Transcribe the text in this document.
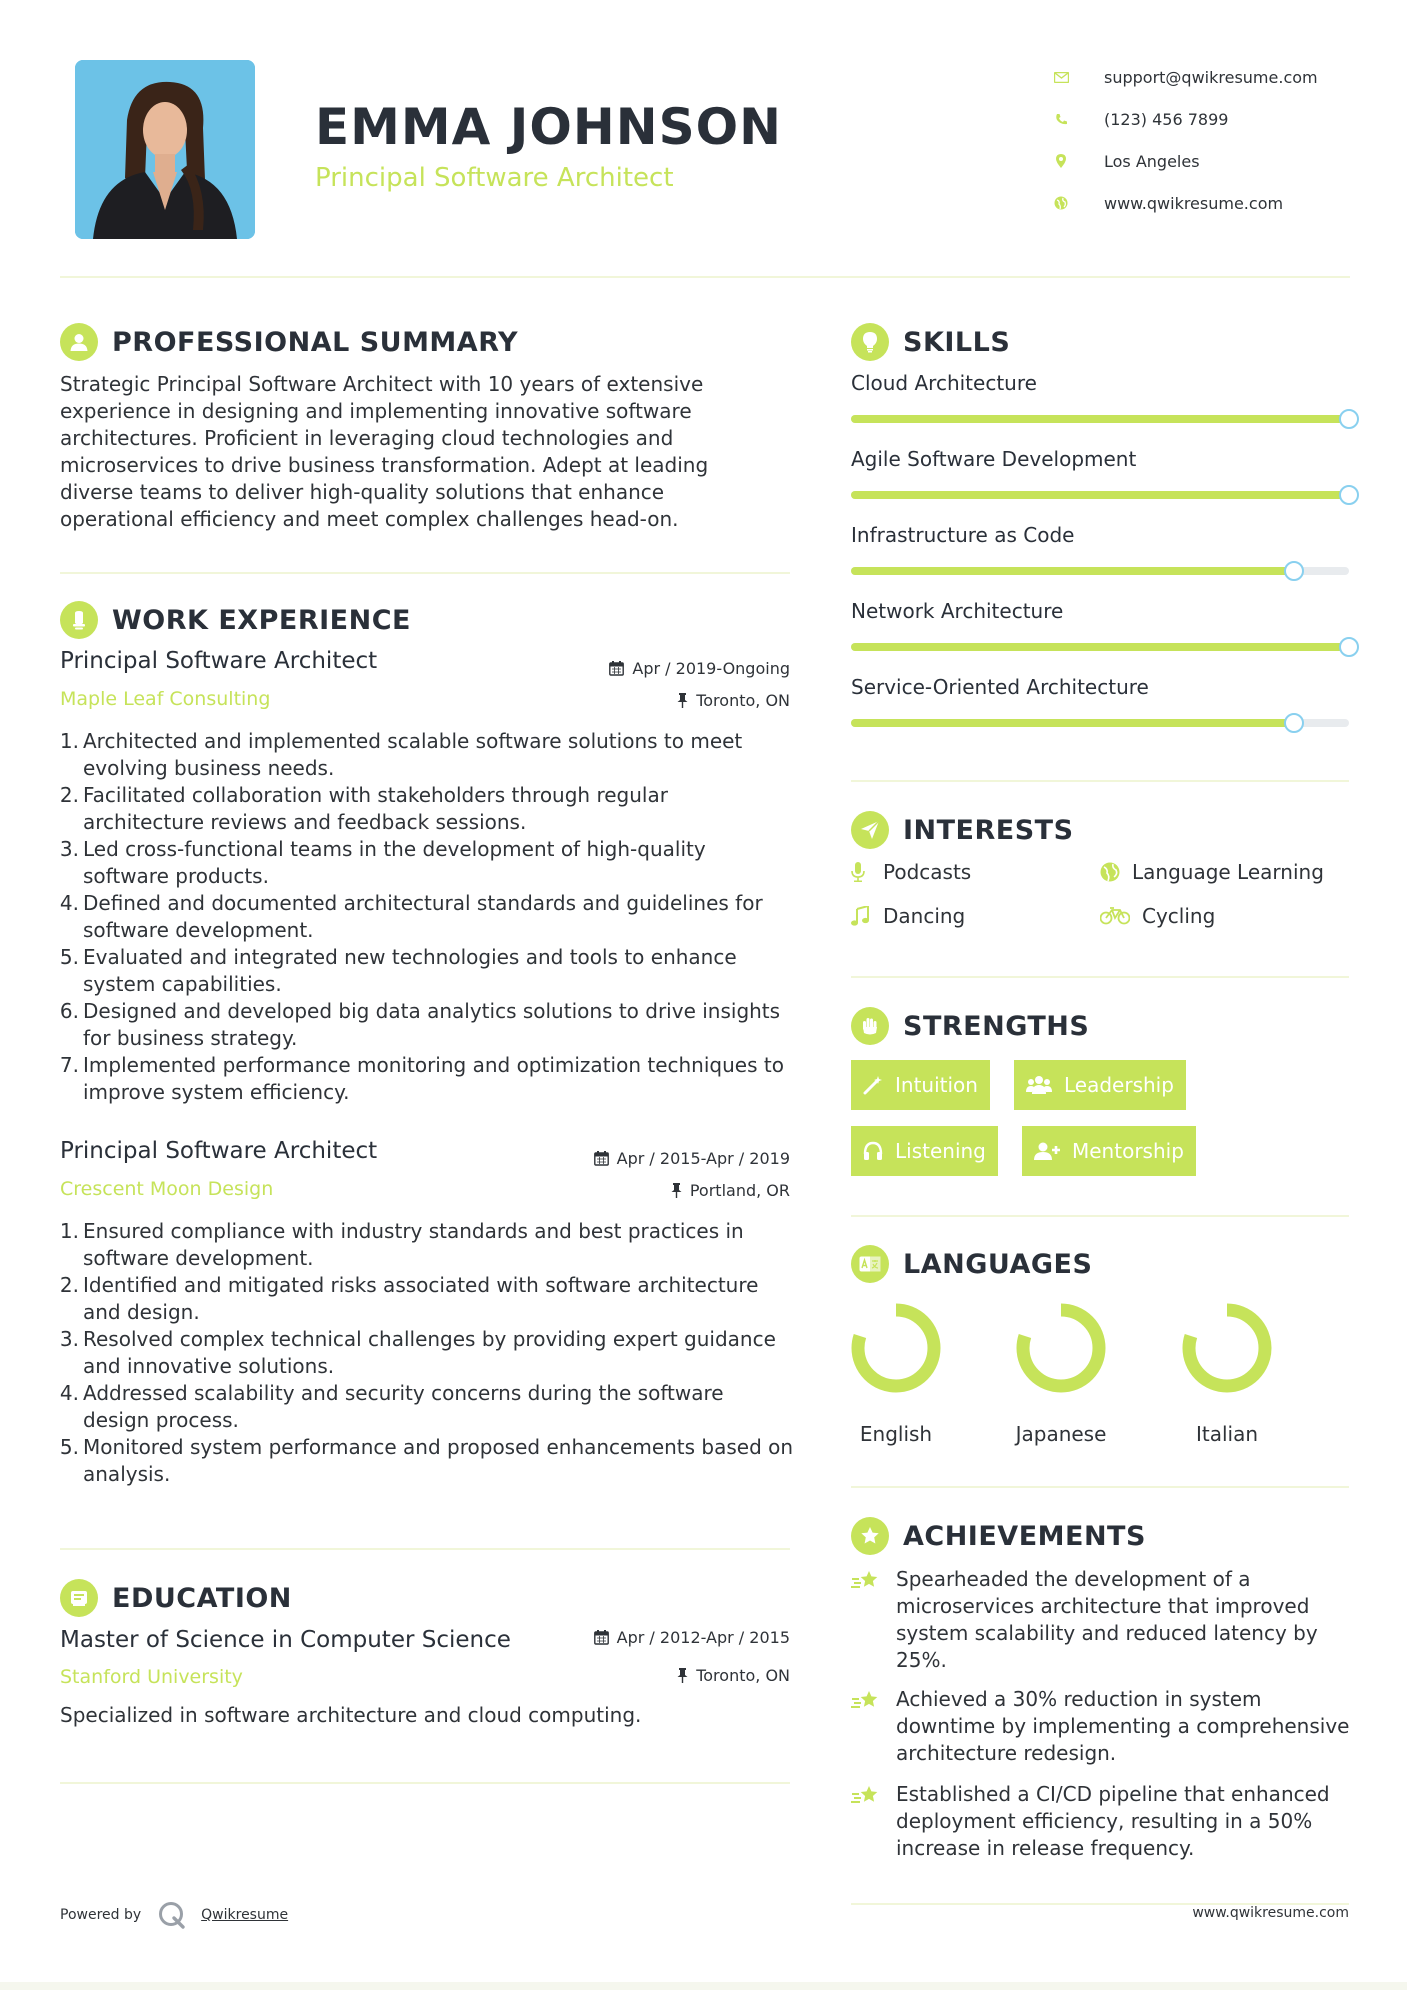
EMMA JOHNSON
Principal Software Architect
support@qwikresume.com
(123) 456 7899
Los Angeles
www.qwikresume.com
PROFESSIONAL SUMMARY
Strategic Principal Software Architect with 10 years of extensive experience in designing and implementing innovative software architectures. Proficient in leveraging cloud technologies and microservices to drive business transformation. Adept at leading diverse teams to deliver high-quality solutions that enhance operational efficiency and meet complex challenges head-on.
WORK EXPERIENCE
Principal Software Architect	Apr / 2019-Ongoing
Maple Leaf Consulting	Toronto, ON
1. Architected and implemented scalable software solutions to meet evolving business needs.
2. Facilitated collaboration with stakeholders through regular architecture reviews and feedback sessions.
3. Led cross-functional teams in the development of high-quality software products.
4. Defined and documented architectural standards and guidelines for software development.
5. Evaluated and integrated new technologies and tools to enhance system capabilities.
6. Designed and developed big data analytics solutions to drive insights for business strategy.
7. Implemented performance monitoring and optimization techniques to improve system efficiency.
Principal Software Architect	Apr / 2015-Apr / 2019
Crescent Moon Design	Portland, OR
1. Ensured compliance with industry standards and best practices in software development.
2. Identified and mitigated risks associated with software architecture and design.
3. Resolved complex technical challenges by providing expert guidance and innovative solutions.
4. Addressed scalability and security concerns during the software design process.
5. Monitored system performance and proposed enhancements based on analysis.
EDUCATION
Master of Science in Computer Science	Apr / 2012-Apr / 2015
Stanford University	Toronto, ON
Specialized in software architecture and cloud computing.
SKILLS
Cloud Architecture
Agile Software Development
Infrastructure as Code
Network Architecture
Service-Oriented Architecture
INTERESTS
Podcasts	Language Learning
Dancing	Cycling
STRENGTHS
Intuition	Leadership
Listening	Mentorship
LANGUAGES
English	Japanese	Italian
ACHIEVEMENTS
Spearheaded the development of a microservices architecture that improved system scalability and reduced latency by 25%.
Achieved a 30% reduction in system downtime by implementing a comprehensive architecture redesign.
Established a CI/CD pipeline that enhanced deployment efficiency, resulting in a 50% increase in release frequency.
Powered by	Qwikresume	www.qwikresume.com
